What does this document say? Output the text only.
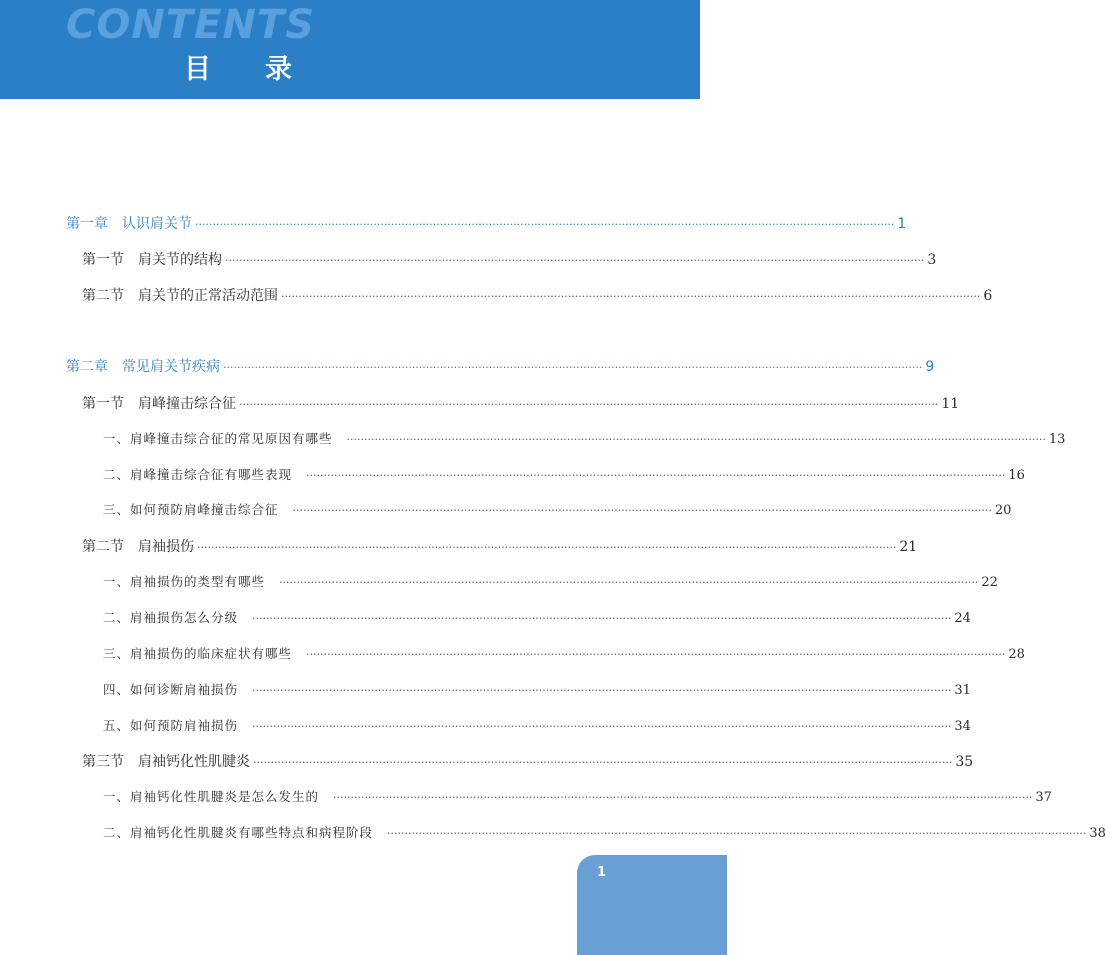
CONTENTS
目录
第一章　认识肩关节 ········································································································································································································ 1
第一节　肩关节的结构 ········································································································································································································ 3
第二节　肩关节的正常活动范围 ········································································································································································································ 6
第二章　常见肩关节疾病 ········································································································································································································ 9
第一节　肩峰撞击综合征 ········································································································································································································ 11
一、肩峰撞击综合征的常见原因有哪些 ········································································································································································································ 13
二、肩峰撞击综合征有哪些表现 ········································································································································································································ 16
三、如何预防肩峰撞击综合征 ········································································································································································································ 20
第二节　肩袖损伤 ········································································································································································································ 21
一、肩袖损伤的类型有哪些 ········································································································································································································ 22
二、肩袖损伤怎么分级 ········································································································································································································ 24
三、肩袖损伤的临床症状有哪些 ········································································································································································································ 28
四、如何诊断肩袖损伤 ········································································································································································································ 31
五、如何预防肩袖损伤 ········································································································································································································ 34
第三节　肩袖钙化性肌腱炎 ········································································································································································································ 35
一、肩袖钙化性肌腱炎是怎么发生的 ········································································································································································································ 37
二、肩袖钙化性肌腱炎有哪些特点和病程阶段 ········································································································································································································ 38
1
